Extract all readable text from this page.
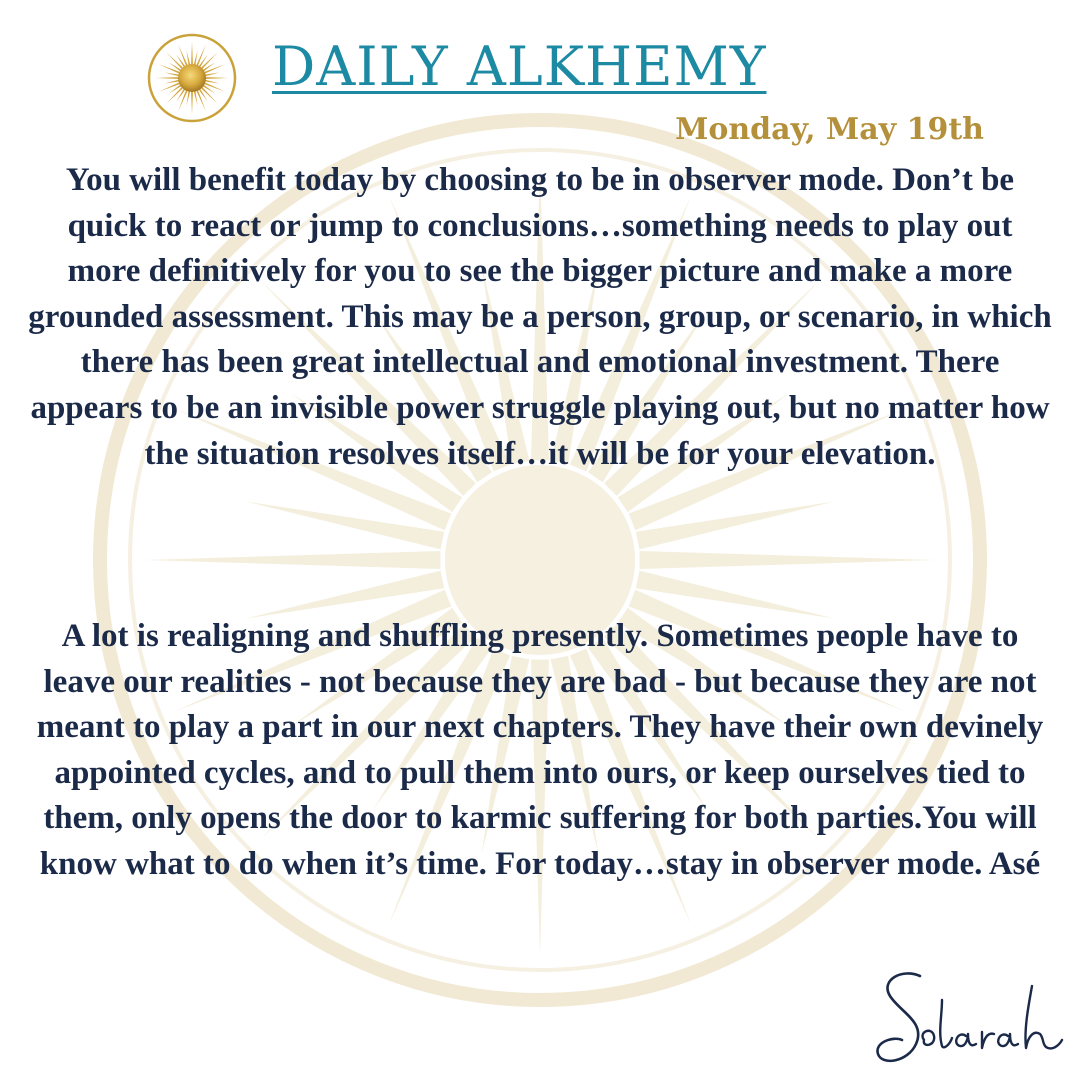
DAILY ALKHEMY
Monday, May 19th

You will benefit today by choosing to be in observer mode. Don’t be quick to react or jump to conclusions…something needs to play out more definitively for you to see the bigger picture and make a more grounded assessment. This may be a person, group, or scenario, in which there has been great intellectual and emotional investment. There appears to be an invisible power struggle playing out, but no matter how the situation resolves itself…it will be for your elevation.

A lot is realigning and shuffling presently. Sometimes people have to leave our realities - not because they are bad - but because they are not meant to play a part in our next chapters. They have their own devinely appointed cycles, and to pull them into ours, or keep ourselves tied to them, only opens the door to karmic suffering for both parties.You will know what to do when it’s time. For today…stay in observer mode. Asé
